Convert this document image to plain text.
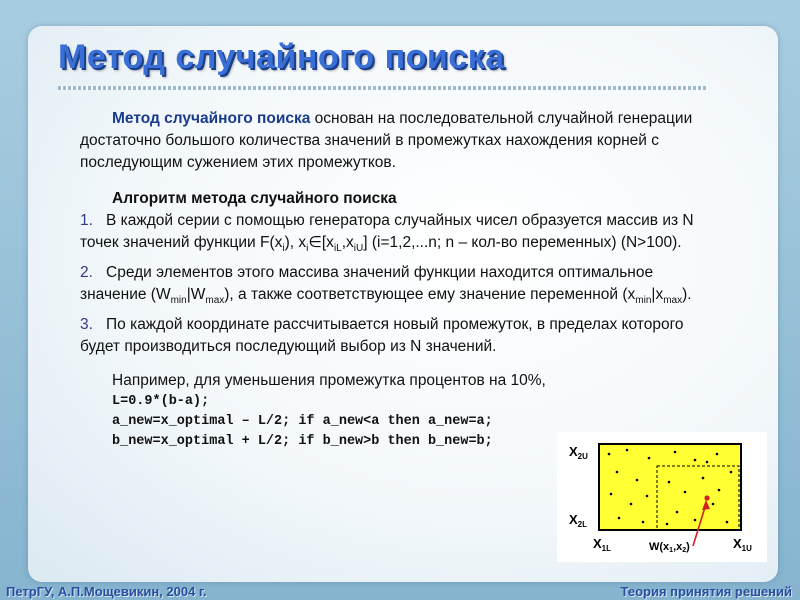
Метод случайного поиска

Метод случайного поиска основан на последовательной случайной генерации достаточно большого количества значений в промежутках нахождения корней с последующим сужением этих промежутков.

Алгоритм метода случайного поиска

1. В каждой серии с помощью генератора случайных чисел образуется массив из N точек значений функции $F(x_i)$, $x_i\in[x_{iL},x_{iU}]$ (i=1,2,...n; n – кол-во переменных) (N>100).

2. Среди элементов этого массива значений функции находится оптимальное значение $(W_{min}|W_{max})$, а также соответствующее ему значение переменной $(x_{min}|x_{max})$.

3. По каждой координате рассчитывается новый промежуток, в пределах которого будет производиться последующий выбор из N значений.

Например, для уменьшения промежутка процентов на 10%,

L=0.9*(b-a);
a_new=x_optimal – L/2; if a_new<a then a_new=a;
b_new=x_optimal + L/2; if b_new>b then b_new=b;
$X_{2U}$
$X_{2L}$
$X_{1L}$	$X_{1U}$
W(x1,x2)
ПетрГУ, А.П.Мощевикин, 2004 г.	Теория принятия решений
